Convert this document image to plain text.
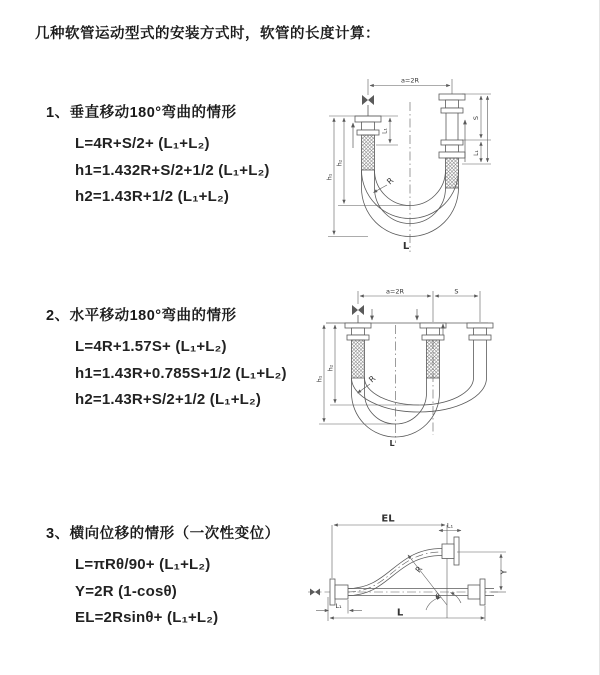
几种软管运动型式的安装方式时，软管的长度计算：
1、垂直移动180°弯曲的情形
L=4R+S/2+ (L₁+L₂)
h1=1.432R+S/2+1/2 (L₁+L₂)
h2=1.43R+1/2 (L₁+L₂)
2、水平移动180°弯曲的情形
L=4R+1.57S+ (L₁+L₂)
h1=1.43R+0.785S+1/2 (L₁+L₂)
h2=1.43R+S/2+1/2 (L₁+L₂)
3、横向位移的情形（一次性变位）
L=πRθ/90+ (L₁+L₂)
Y=2R (1-cosθ)
EL=2Rsinθ+ (L₁+L₂)
a=2R
L₁
h₁
h₂
S
L₁
R
L
a=2R	S
h₁
h₂
R
L
EL
L₁
Y
R
θ
L
L₁
